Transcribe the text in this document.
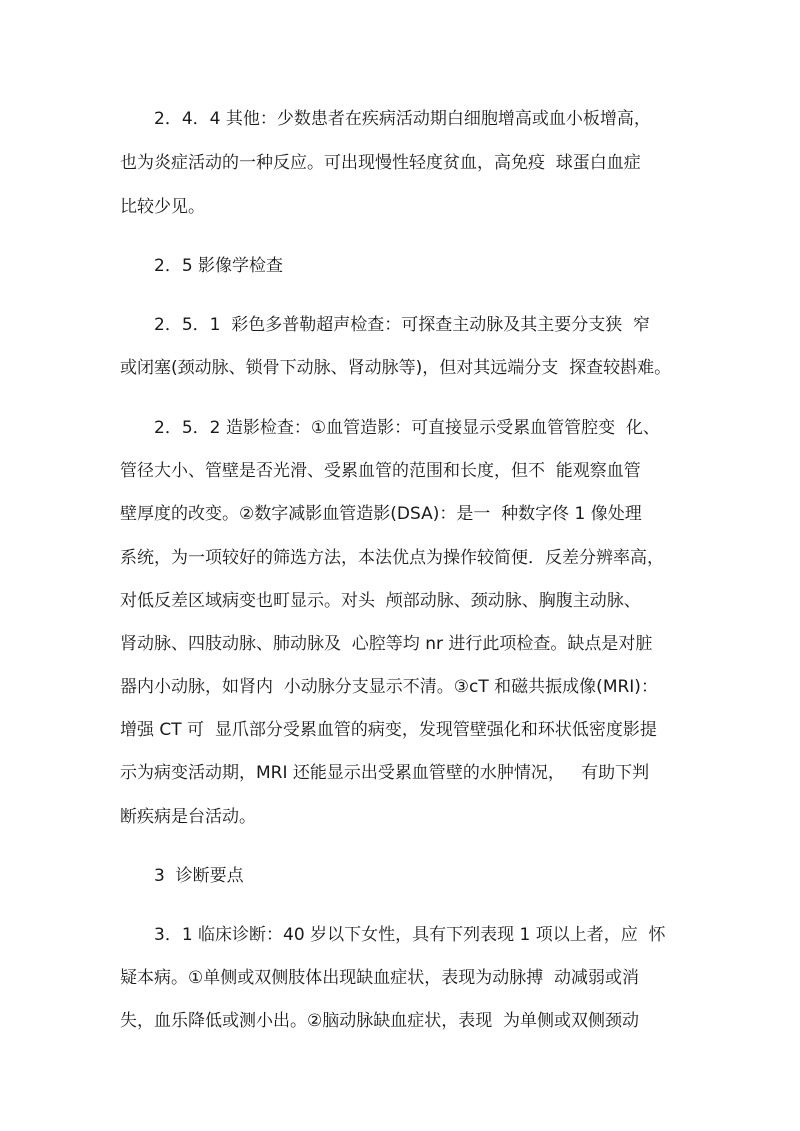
2．4．4 其他：少数患者在疾病活动期白细胞增高或血小板增高，
也为炎症活动的一种反应。可出现慢性轻度贫血，高免疫  球蛋白血症
比较少见。
2．5 影像学检查
2．5．1  彩色多普勒超声检查：可探查主动脉及其主要分支狭  窄
或闭塞(颈动脉、锁骨下动脉、肾动脉等)，但对其远端分支  探查较斟难。
2．5．2 造影检查：①血管造影：可直接显示受累血管管腔变  化、
管径大小、管壁是否光滑、受累血管的范围和长度，但不  能观察血管
壁厚度的改变。②数字减影血管造影(DSA)：是一  种数字佟 1 像处理
系统，为一项较好的筛选方法，本法优点为操作较简便．反差分辨率高，
对低反差区域病变也町显示。对头  颅部动脉、颈动脉、胸腹主动脉、
肾动脉、四肢动脉、肺动脉及  心腔等均 nr 进行此项检查。缺点是对脏
器内小动脉，如肾内  小动脉分支显示不清。③cT 和磁共振成像(MRI)：
增强 CT 可  显爪部分受累血管的病变，发现管壁强化和环状低密度影提
示为病变活动期，MRI 还能显示出受累血管壁的水肿情况，   有助下判
断疾病是台活动。
3  诊断要点
3．1 临床诊断：40 岁以下女性，具有下列表现 1 项以上者，应  怀
疑本病。①单侧或双侧肢体出现缺血症状，表现为动脉搏  动减弱或消
失，血乐降低或测小出。②脑动脉缺血症状，表现  为单侧或双侧颈动
